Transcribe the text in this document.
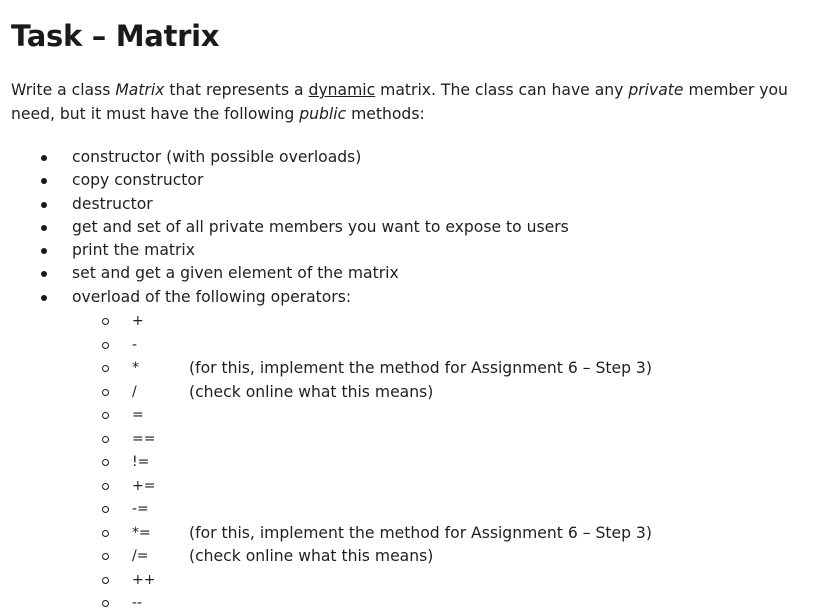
Task – Matrix

Write a class Matrix that represents a dynamic matrix. The class can have any private member you need, but it must have the following public methods:

constructor (with possible overloads)
copy constructor
destructor
get and set of all private members you want to expose to users
print the matrix
set and get a given element of the matrix
overload of the following operators:
+
-
*	(for this, implement the method for Assignment 6 – Step 3)
/	(check online what this means)
=
==
!=
+=
-=
*= (for this, implement the method for Assignment 6 – Step 3)
/=	(check online what this means)
++
--
